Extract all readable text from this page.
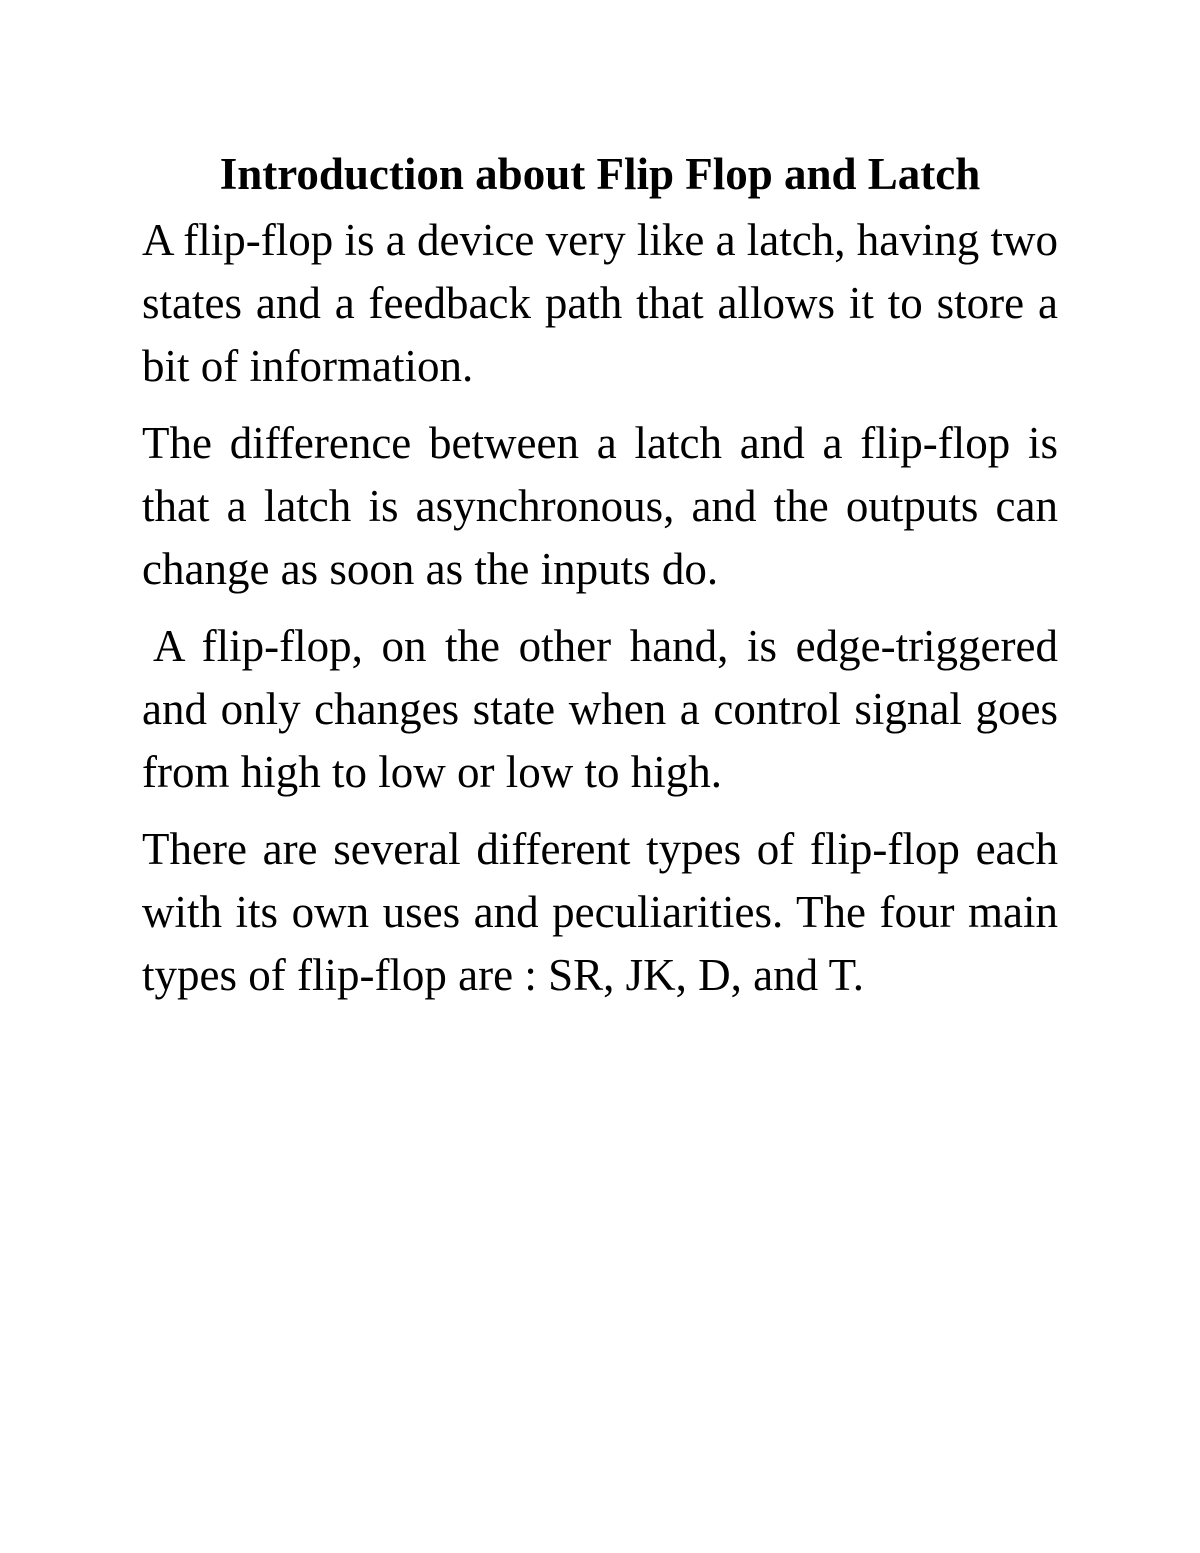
Introduction about Flip Flop and Latch

A flip-flop is a device very like a latch, having two states and a feedback path that allows it to store a bit of information.

The difference between a latch and a flip-flop is that a latch is asynchronous, and the outputs can change as soon as the inputs do.

A flip-flop, on the other hand, is edge-triggered and only changes state when a control signal goes from high to low or low to high.

There are several different types of flip-flop each with its own uses and peculiarities. The four main types of flip-flop are : SR, JK, D, and T.
